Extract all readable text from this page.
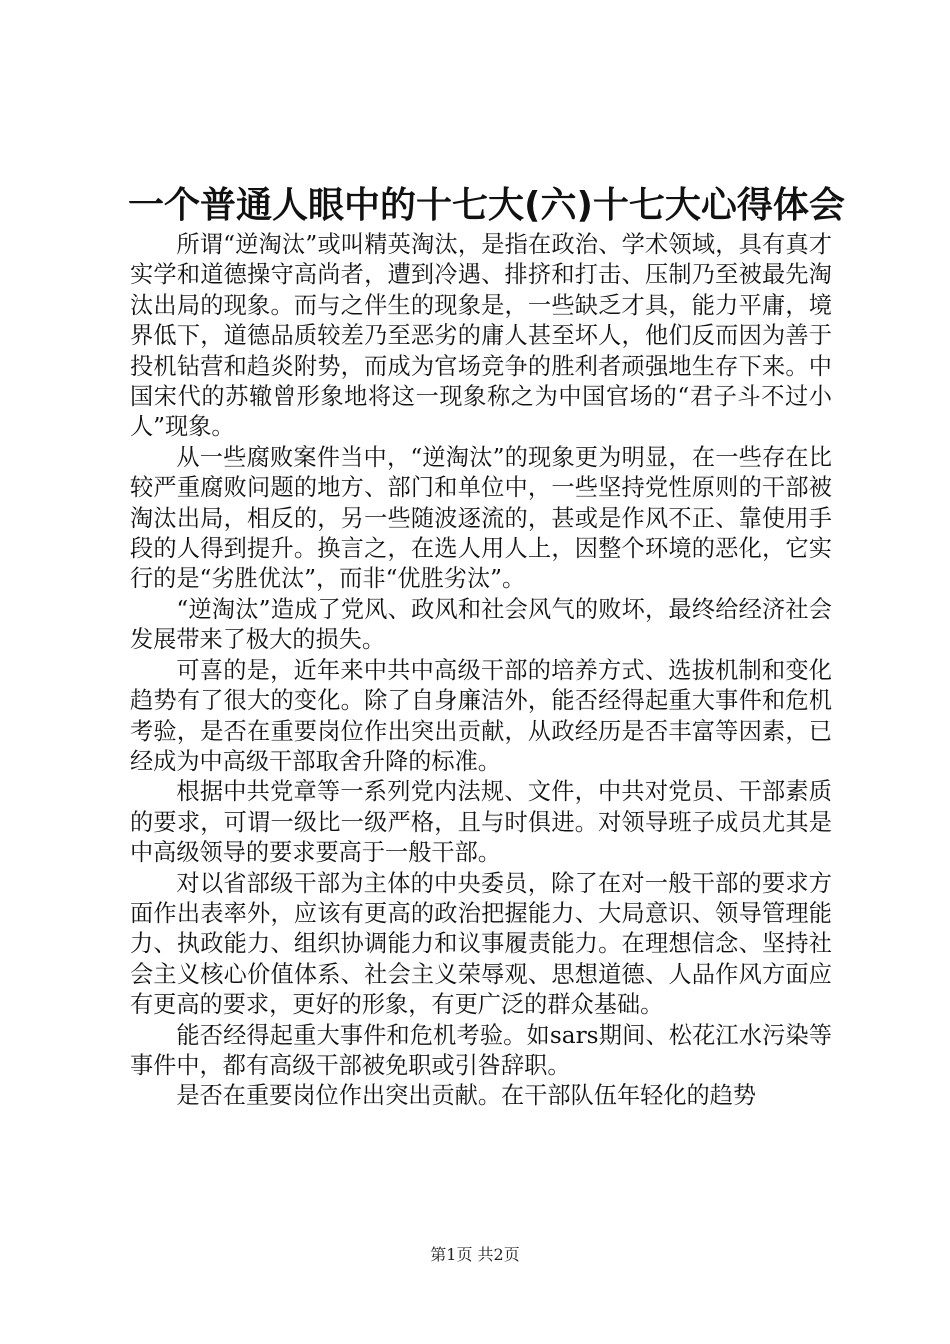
一个普通人眼中的十七大(六)十七大心得体会

所谓“逆淘汰”或叫精英淘汰，是指在政治、学术领域，具有真才实学和道德操守高尚者，遭到冷遇、排挤和打击、压制乃至被最先淘汰出局的现象。而与之伴生的现象是，一些缺乏才具，能力平庸，境界低下，道德品质较差乃至恶劣的庸人甚至坏人，他们反而因为善于投机钻营和趋炎附势，而成为官场竞争的胜利者顽强地生存下来。中国宋代的苏辙曾形象地将这一现象称之为中国官场的“君子斗不过小人”现象。

从一些腐败案件当中，“逆淘汰”的现象更为明显，在一些存在比较严重腐败问题的地方、部门和单位中，一些坚持党性原则的干部被淘汰出局，相反的，另一些随波逐流的，甚或是作风不正、靠使用手段的人得到提升。换言之，在选人用人上，因整个环境的恶化，它实行的是“劣胜优汰”，而非“优胜劣汰”。

“逆淘汰”造成了党风、政风和社会风气的败坏，最终给经济社会发展带来了极大的损失。

可喜的是，近年来中共中高级干部的培养方式、选拔机制和变化趋势有了很大的变化。除了自身廉洁外，能否经得起重大事件和危机考验，是否在重要岗位作出突出贡献，从政经历是否丰富等因素，已经成为中高级干部取舍升降的标准。

根据中共党章等一系列党内法规、文件，中共对党员、干部素质的要求，可谓一级比一级严格，且与时俱进。对领导班子成员尤其是中高级领导的要求要高于一般干部。

对以省部级干部为主体的中央委员，除了在对一般干部的要求方面作出表率外，应该有更高的政治把握能力、大局意识、领导管理能力、执政能力、组织协调能力和议事履责能力。在理想信念、坚持社会主义核心价值体系、社会主义荣辱观、思想道德、人品作风方面应有更高的要求，更好的形象，有更广泛的群众基础。

能否经得起重大事件和危机考验。如sars期间、松花江水污染等事件中，都有高级干部被免职或引咎辞职。

是否在重要岗位作出突出贡献。在干部队伍年轻化的趋势

第1页 共2页
